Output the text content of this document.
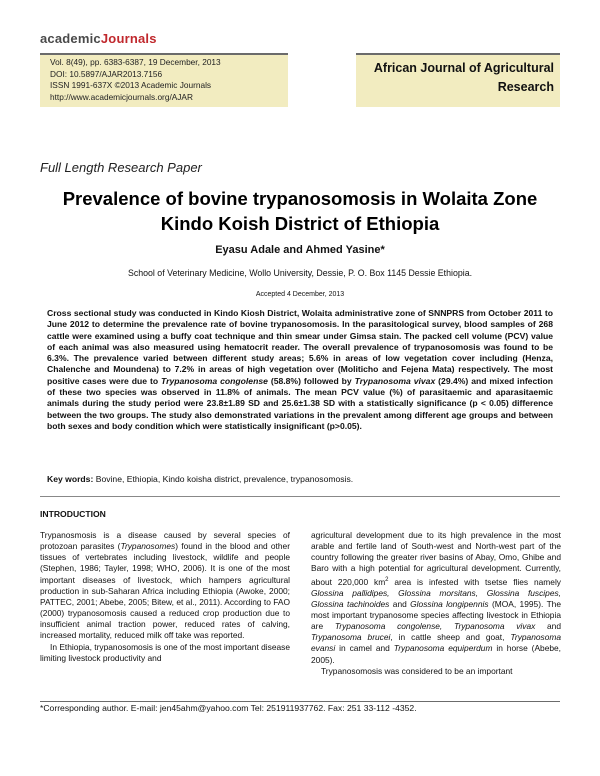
academicJournals
Vol. 8(49), pp. 6383-6387, 19 December, 2013
DOI: 10.5897/AJAR2013.7156
ISSN 1991-637X ©2013 Academic Journals
http://www.academicjournals.org/AJAR
African Journal of Agricultural
Research
Full Length Research Paper
Prevalence of bovine trypanosomosis in Wolaita Zone
Kindo Koish District of Ethiopia
Eyasu Adale and Ahmed Yasine*
School of Veterinary Medicine, Wollo University, Dessie, P. O. Box 1145 Dessie Ethiopia.
Accepted 4 December, 2013
Cross sectional study was conducted in Kindo Kiosh District, Wolaita administrative zone of SNNPRS from October 2011 to June 2012 to determine the prevalence rate of bovine trypanosomosis. In the parasitological survey, blood samples of 268 cattle were examined using a buffy coat technique and thin smear under Gimsa stain. The packed cell volume (PCV) value of each animal was also measured using hematocrit reader. The overall prevalence of trypanosomosis was found to be 6.3%. The prevalence varied between different study areas; 5.6% in areas of low vegetation cover including (Henza, Chalenche and Moundena) to 7.2% in areas of high vegetation over (Moliticho and Fejena Mata) respectively. The most positive cases were due to Trypanosoma congolense (58.8%) followed by Trypanosoma vivax (29.4%) and mixed infection of these two species was observed in 11.8% of animals. The mean PCV value (%) of parasitaemic and aparasitaemic animals during the study period were 23.8±1.89 SD and 25.6±1.38 SD with a statistically significance (p < 0.05) difference between the two groups. The study also demonstrated variations in the prevalent among different age groups and between both sexes and body condition which were statistically insignificant (p>0.05).
Key words: Bovine, Ethiopia, Kindo koisha district, prevalence, trypanosomosis.
INTRODUCTION

Trypanosmosis is a disease caused by several species of protozoan parasites (Trypanosomes) found in the blood and other tissues of vertebrates including livestock, wildlife and people (Stephen, 1986; Tayler, 1998; WHO, 2006). It is one of the most important diseases of livestock, which hampers agricultural production in sub-Saharan Africa including Ethiopia (Awoke, 2000; PATTEC, 2001; Abebe, 2005; Bitew, et al., 2011). According to FAO (2000) trypanosomosis caused a reduced crop production due to insufficient animal traction power, reduced rates of calving, increased mortality, reduced milk off take was reported.

In Ethiopia, trypanosomosis is one of the most important disease limiting livestock productivity and

agricultural development due to its high prevalence in the most arable and fertile land of South-west and North-west part of the country following the greater river basins of Abay, Omo, Ghibe and Baro with a high potential for agricultural development. Currently, about 220,000 $km^2$ area is infested with tsetse flies namely Glossina pallidipes, Glossina morsitans, Glossina fuscipes, Glossina tachinoides and Glossina longipennis (MOA, 1995). The most important trypanosome species affecting livestock in Ethiopia are Trypanosoma congolense, Trypanosoma vivax and Trypanosoma brucei, in cattle sheep and goat, Trypanosoma evansi in camel and Trypanosoma equiperdum in horse (Abebe, 2005).

Trypanosomosis was considered to be an important

*Corresponding author. E-mail: jen45ahm@yahoo.com Tel: 251911937762. Fax: 251 33-112 -4352.
